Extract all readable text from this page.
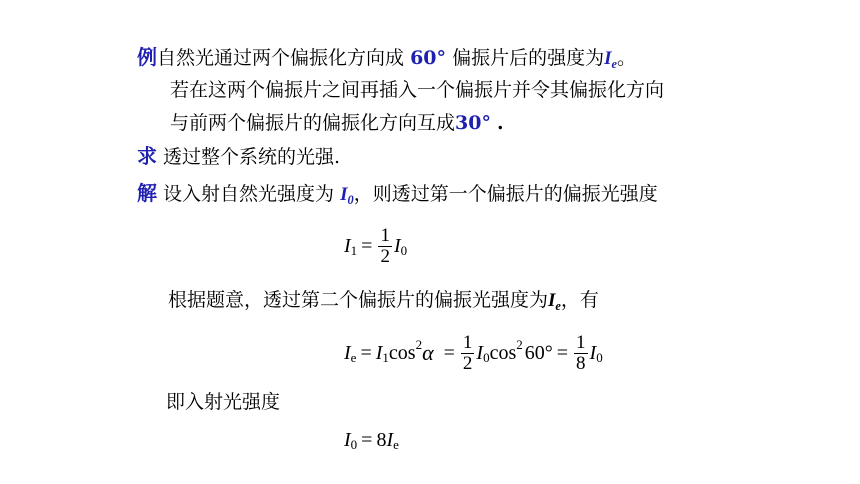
例自然光通过两个偏振化方向成 60° 偏振片后的强度为$I_e$。
若在这两个偏振片之间再插入一个偏振片并令其偏振化方向
与前两个偏振片的偏振化方向互成30° .
求 透过整个系统的光强.
解 设入射自然光强度为 $I_0$，则透过第一个偏振片的偏振光强度
$I_1 = \frac{1}{2} I_0$
根据题意，透过第二个偏振片的偏振光强度为$I_e$，有
$I_e = I_1$ $\cos^2 \alpha = \frac{1}{2} I_0$ $\cos^2 60^\circ = \frac{1}{8} I_0$
即入射光强度
$I_0 = 8$ $I_e$
